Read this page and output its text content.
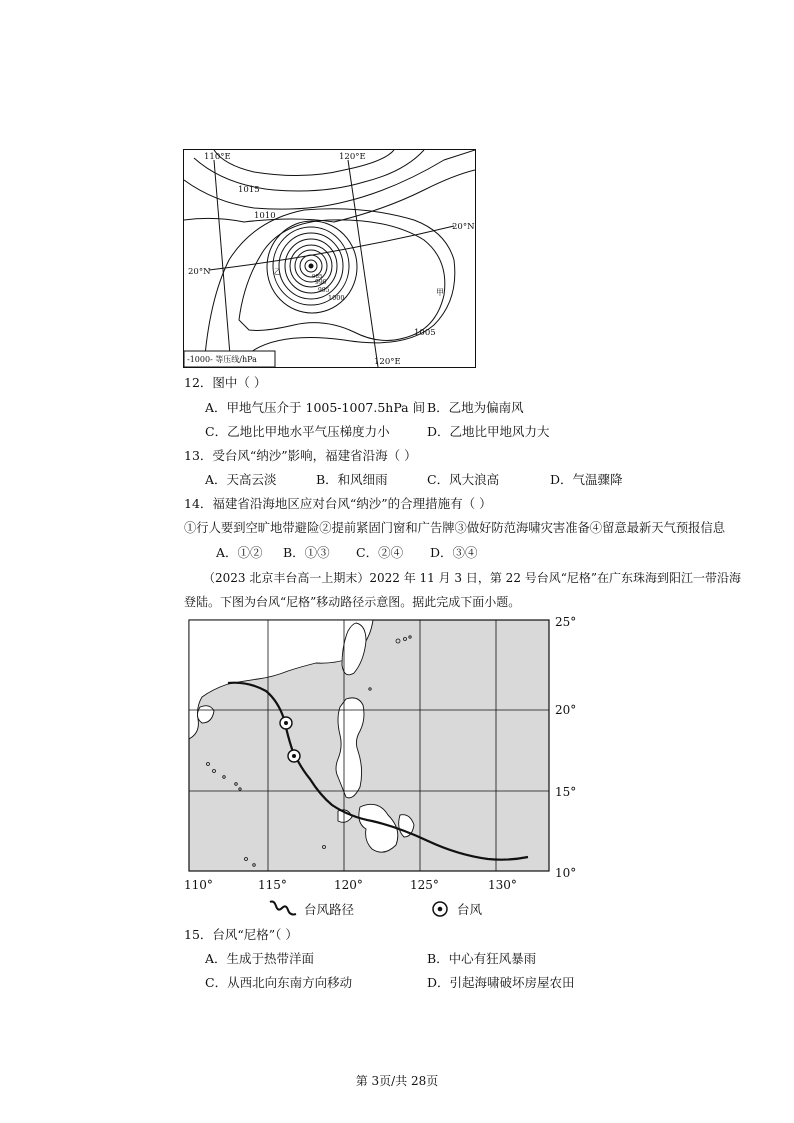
110°E	120°E
120°E
20°N
20°N
1015
1010
1005
1000
995
990
985
甲
乙
-1000- 等压线/hPa
12．图中（ ）
A．甲地气压介于 1005-1007.5hPa 间 B．乙地为偏南风
C．乙地比甲地水平气压梯度力小	D．乙地比甲地风力大
13．受台风“纳沙”影响，福建省沿海（ ）
A．天高云淡	B．和风细雨	C．风大浪高	D．气温骤降
14．福建省沿海地区应对台风“纳沙”的合理措施有（ ）
①行人要到空旷地带避险②提前紧固门窗和广告牌③做好防范海啸灾害准备④留意最新天气预报信息
A．①② B．①③ C．②④ D．③④
（2023 北京丰台高一上期末）2022 年 11 月 3 日，第 22 号台风“尼格”在广东珠海到阳江一带沿海
登陆。下图为台风“尼格”移动路径示意图。据此完成下面小题。
110°	115°	120°	125°	130°
25°
20°
15°
10°
台风路径	台风
15．台风“尼格”（ ）
A．生成于热带洋面	B．中心有狂风暴雨
C．从西北向东南方向移动	D．引起海啸破坏房屋农田
第 3页/共 28页
